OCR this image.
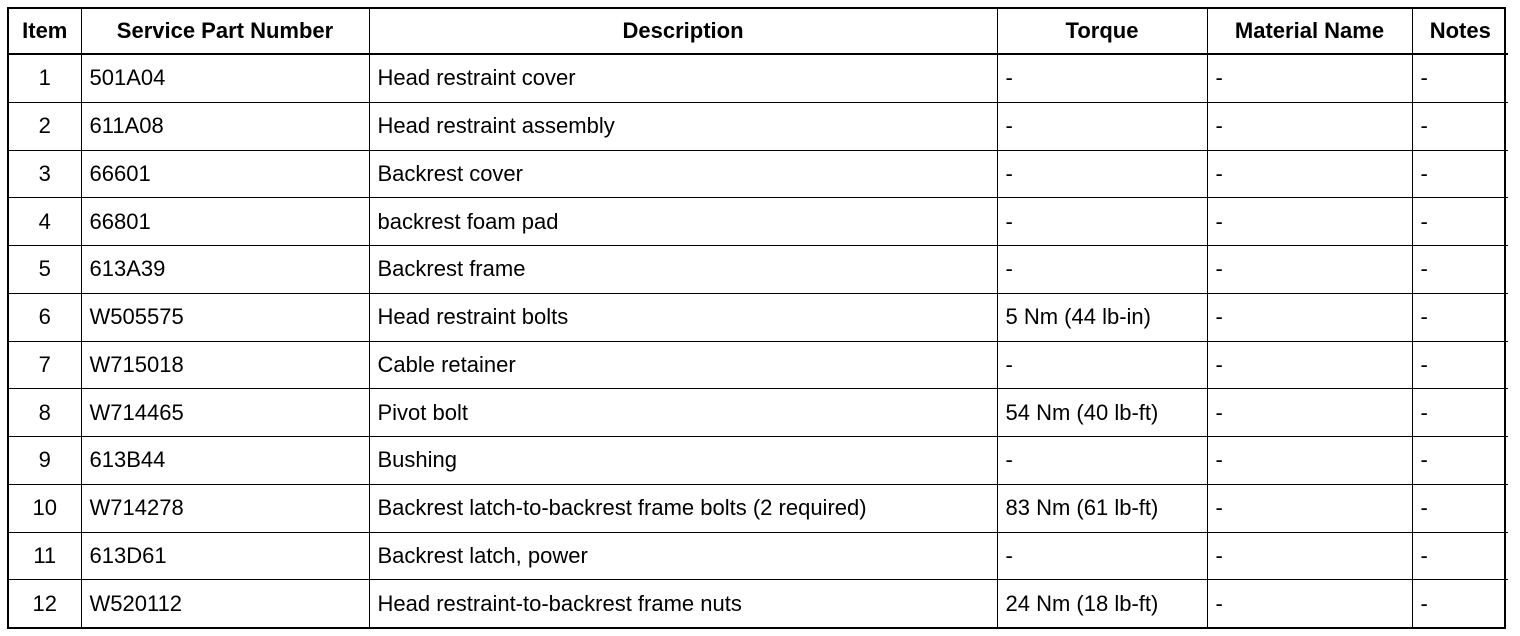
Item	Service Part Number	Description	Torque	Material Name	Notes
1	501A04	Head restraint cover	-	-	-
2	611A08	Head restraint assembly	-	-	-
3	66601	Backrest cover	-	-	-
4	66801	backrest foam pad	-	-	-
5	613A39	Backrest frame	-	-	-
6	W505575	Head restraint bolts	5 Nm (44 lb-in)	-	-
7	W715018	Cable retainer	-	-	-
8	W714465	Pivot bolt	54 Nm (40 lb-ft)	-	-
9	613B44	Bushing	-	-	-
10	W714278	Backrest latch-to-backrest frame bolts (2 required)	83 Nm (61 lb-ft)	-	-
11	613D61	Backrest latch, power	-	-	-
12	W520112	Head restraint-to-backrest frame nuts	24 Nm (18 lb-ft)	-	-
